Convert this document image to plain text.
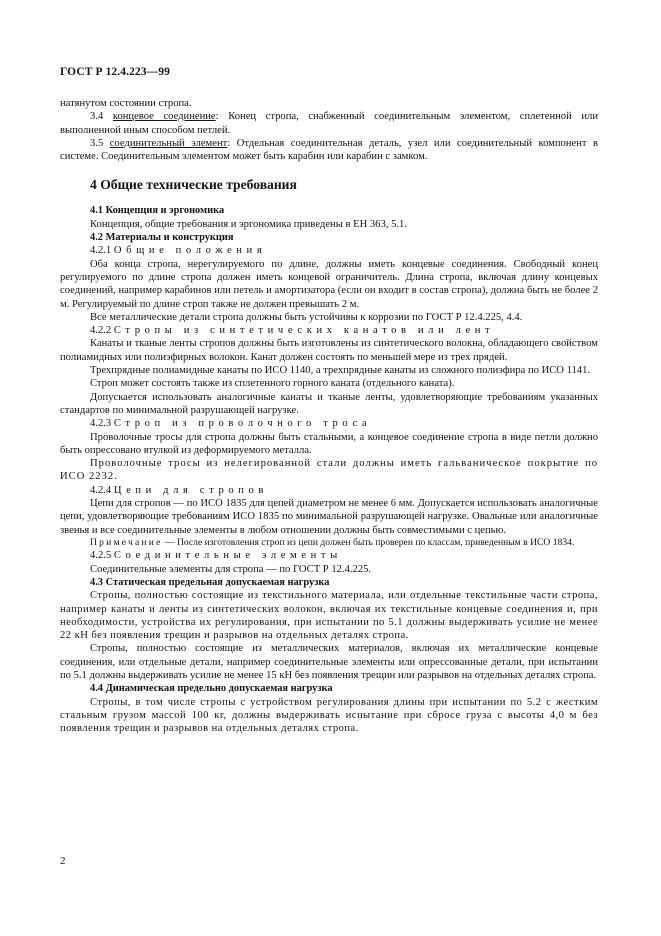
ГОСТ Р 12.4.223—99

натянутом состоянии стропа.

3.4 концевое соединение: Конец стропа, снабженный соединительным элементом, сплетенной или выполненной иным способом петлей.

3.5 соединительный элемент: Отдельная соединительная деталь, узел или соединительный компонент в системе. Соединительным элементом может быть карабин или карабин с замком.

4 Общие технические требования
4.1 Концепция и эргономика

Концепция, общие требования и эргономика приведены в ЕН 363, 5.1.

4.2 Материалы и конструкция

4.2.1 Общие положения

Оба конца стропа, нерегулируемого по длине, должны иметь концевые соединения. Свободный конец регулируемого по длине стропа должен иметь концевой ограничитель. Длина стропа, включая длину концевых соединений, например карабинов или петель и амортизатора (если он входит в состав стропа), должна быть не более 2 м. Регулируемый по длине строп также не должен превышать 2 м.

Все металлические детали стропа должны быть устойчивы к коррозии по ГОСТ Р 12.4.225, 4.4.

4.2.2 Стропы из синтетических канатов или лент

Канаты и тканые ленты стропов должны быть изготовлены из синтетического волокна, обладающего свойством полиамидных или полиэфирных волокон. Канат должен состоять по меньшей мере из трех прядей.

Трехпрядные полиамидные канаты по ИСО 1140, а трехпрядные канаты из сложного полиэфира по ИСО 1141.

Строп может состоять также из сплетенного горного каната (отдельного каната).

Допускается использовать аналогичные канаты и тканые ленты, удовлетворяющие требованиям указанных стандартов по минимальной разрушающей нагрузке.

4.2.3 Строп из проволочного троса

Проволочные тросы для стропа должны быть стальными, а концевое соединение стропа в виде петли должно быть опрессовано втулкой из деформируемого металла.

Проволочные тросы из нелегированной стали должны иметь гальваническое покрытие по ИСО 2232.

4.2.4 Цепи для стропов

Цепи для стропов — по ИСО 1835 для цепей диаметром не менее 6 мм. Допускается использовать аналогичные цепи, удовлетворяющие требованиям ИСО 1835 по минимальной разрушающей нагрузке. Овальные или аналогичные звенья и все соединительные элементы в любом отношении должны быть совместимыми с цепью.

Примечание — После изготовления строп из цепи должен быть проверен по классам, приведенным в ИСО 1834.

4.2.5 Соединительные элементы

Соединительные элементы для стропа — по ГОСТ Р 12.4.225.

4.3 Статическая предельная допускаемая нагрузка

Стропы, полностью состоящие из текстильного материала, или отдельные текстильные части стропа, например канаты и ленты из синтетических волокон, включая их текстильные концевые соединения и, при необходимости, устройства их регулирования, при испытании по 5.1 должны выдерживать усилие не менее 22 кН без появления трещин и разрывов на отдельных деталях стропа.

Стропы, полностью состоящие из металлических материалов, включая их металлические концевые соединения, или отдельные детали, например соединительные элементы или опрессованные детали, при испытании по 5.1 должны выдерживать усилие не менее 15 кН без появления трещин или разрывов на отдельных деталях стропа.

4.4 Динамическая предельно допускаемая нагрузка

Стропы, в том числе стропы с устройством регулирования длины при испытании по 5.2 с жестким стальным грузом массой 100 кг, должны выдерживать испытание при сбросе груза с высоты 4,0 м без появления трещин и разрывов на отдельных деталях стропа.

2
